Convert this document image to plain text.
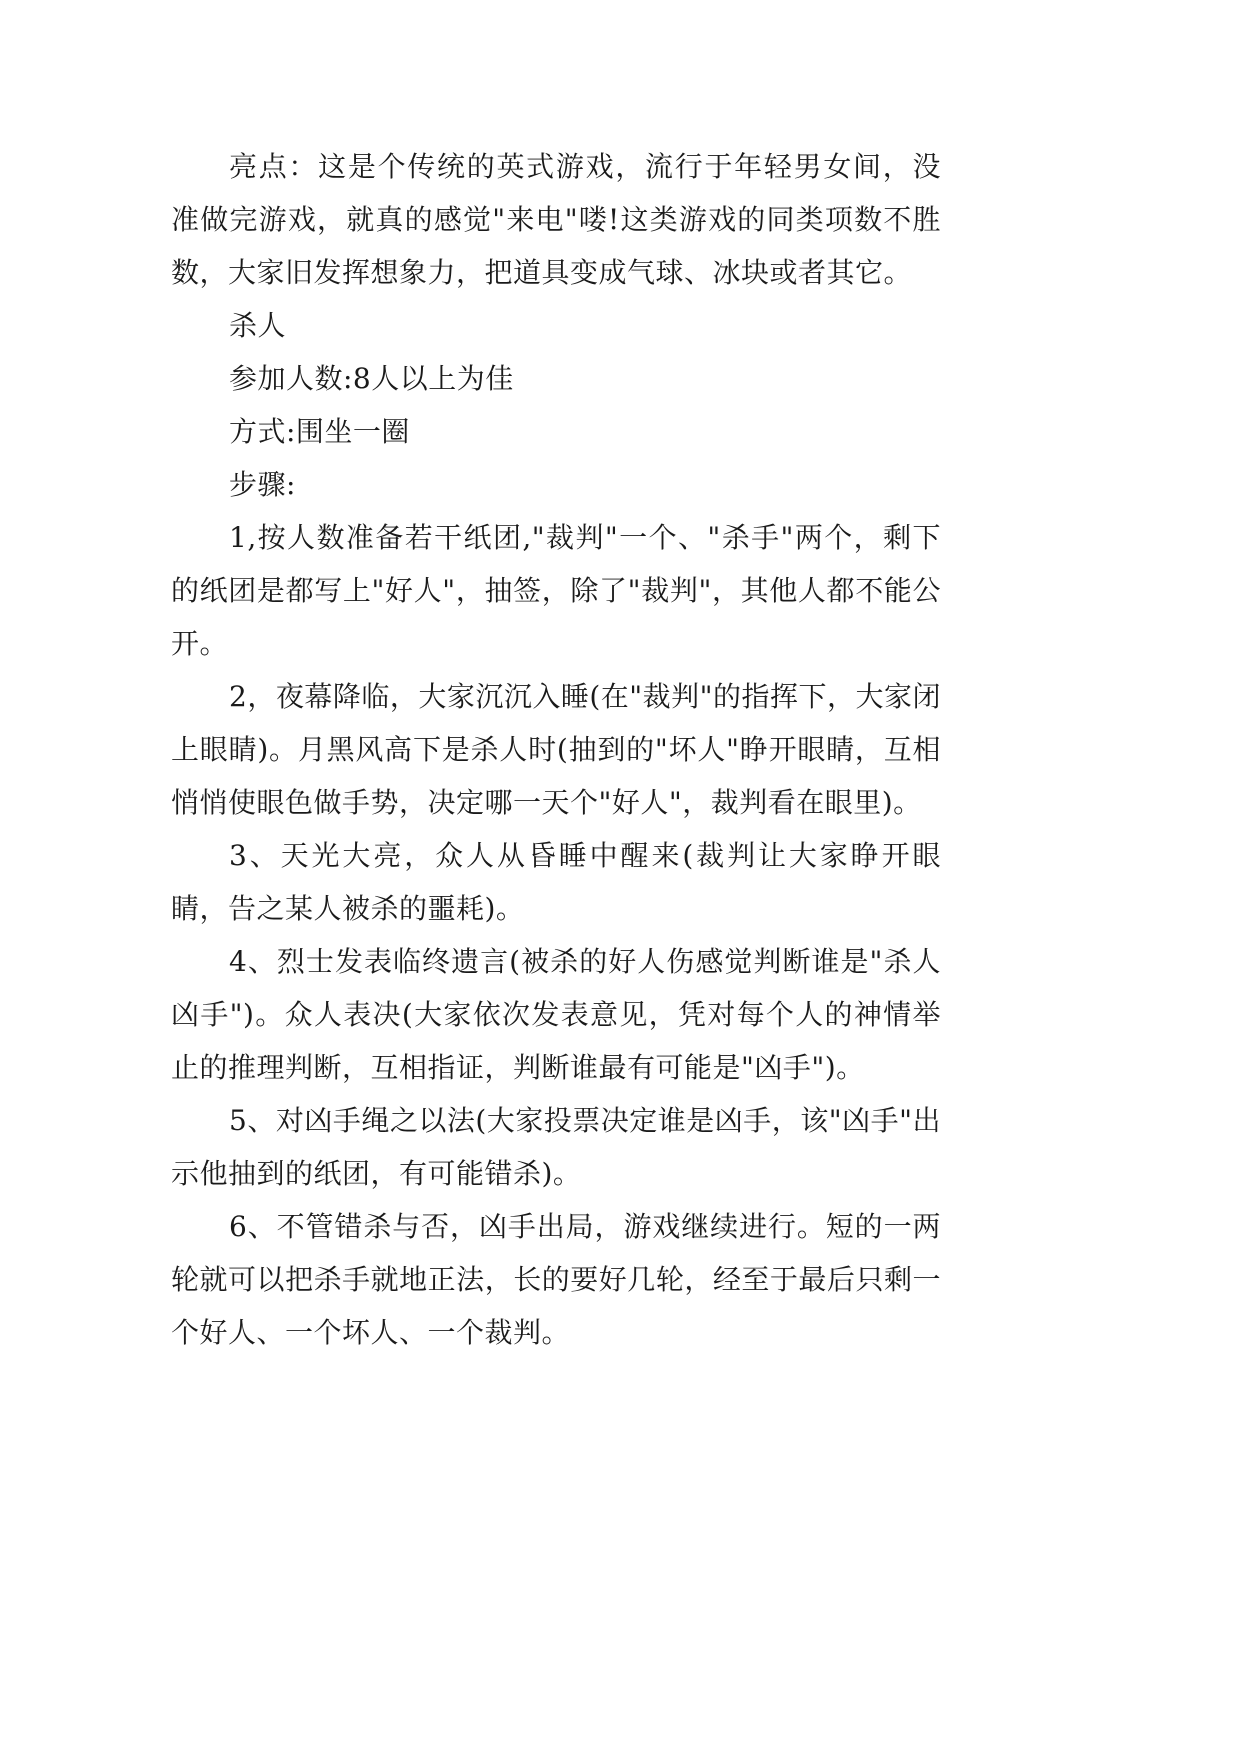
亮点：这是个传统的英式游戏，流行于年轻男女间，没准做完游戏，就真的感觉"来电"喽!这类游戏的同类项数不胜数，大家旧发挥想象力，把道具变成气球、冰块或者其它。

杀人

参加人数:8人以上为佳

方式:围坐一圈

步骤:

1,按人数准备若干纸团,"裁判"一个、"杀手"两个，剩下的纸团是都写上"好人"，抽签，除了"裁判"，其他人都不能公开。

2，夜幕降临，大家沉沉入睡(在"裁判"的指挥下，大家闭上眼睛)。月黑风高下是杀人时(抽到的"坏人"睁开眼睛，互相悄悄使眼色做手势，决定哪一天个"好人"，裁判看在眼里)。

3、天光大亮，众人从昏睡中醒来(裁判让大家睁开眼睛，告之某人被杀的噩耗)。

4、烈士发表临终遗言(被杀的好人伤感觉判断谁是"杀人凶手")。众人表决(大家依次发表意见，凭对每个人的神情举止的推理判断，互相指证，判断谁最有可能是"凶手")。

5、对凶手绳之以法(大家投票决定谁是凶手，该"凶手"出示他抽到的纸团，有可能错杀)。

6、不管错杀与否，凶手出局，游戏继续进行。短的一两轮就可以把杀手就地正法，长的要好几轮，经至于最后只剩一个好人、一个坏人、一个裁判。
